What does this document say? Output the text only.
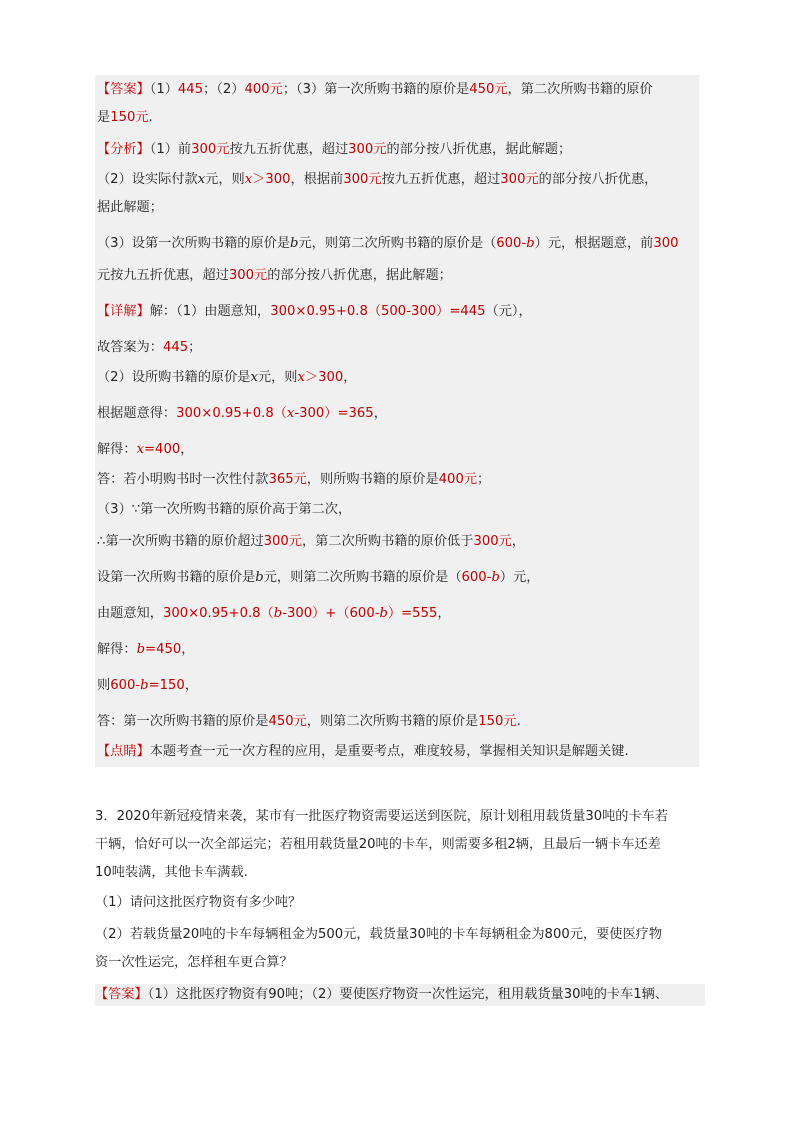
【答案】（1）445；（2）400元；（3）第一次所购书籍的原价是450元，第二次所购书籍的原价
是150元.
【分析】（1）前300元按九五折优惠，超过300元的部分按八折优惠，据此解题；
（2）设实际付款x元，则x＞300，根据前300元按九五折优惠，超过300元的部分按八折优惠，
据此解题；
（3）设第一次所购书籍的原价是b元，则第二次所购书籍的原价是（600-b）元，根据题意，前300
元按九五折优惠，超过300元的部分按八折优惠，据此解题；
【详解】解：（1）由题意知，300×0.95+0.8（500-300）=445（元），
故答案为：445；
（2）设所购书籍的原价是x元，则x＞300，
根据题意得：300×0.95+0.8（x-300）=365，
解得：x=400，
答：若小明购书时一次性付款365元，则所购书籍的原价是400元；
（3）∵第一次所购书籍的原价高于第二次，
∴第一次所购书籍的原价超过300元，第二次所购书籍的原价低于300元，
设第一次所购书籍的原价是b元，则第二次所购书籍的原价是（600-b）元，
由题意知，300×0.95+0.8（b-300）+（600-b）=555，
解得：b=450，
则600-b=150，
答：第一次所购书籍的原价是450元，则第二次所购书籍的原价是150元.
【点睛】本题考查一元一次方程的应用，是重要考点，难度较易，掌握相关知识是解题关键.
3．2020年新冠疫情来袭，某市有一批医疗物资需要运送到医院，原计划租用载货量30吨的卡车若
干辆，恰好可以一次全部运完；若租用载货量20吨的卡车，则需要多租2辆，且最后一辆卡车还差
10吨装满，其他卡车满载.
（1）请问这批医疗物资有多少吨？
（2）若载货量20吨的卡车每辆租金为500元，载货量30吨的卡车每辆租金为800元，要使医疗物
资一次性运完，怎样租车更合算？
【答案】（1）这批医疗物资有90吨；（2）要使医疗物资一次性运完，租用载货量30吨的卡车1辆、
